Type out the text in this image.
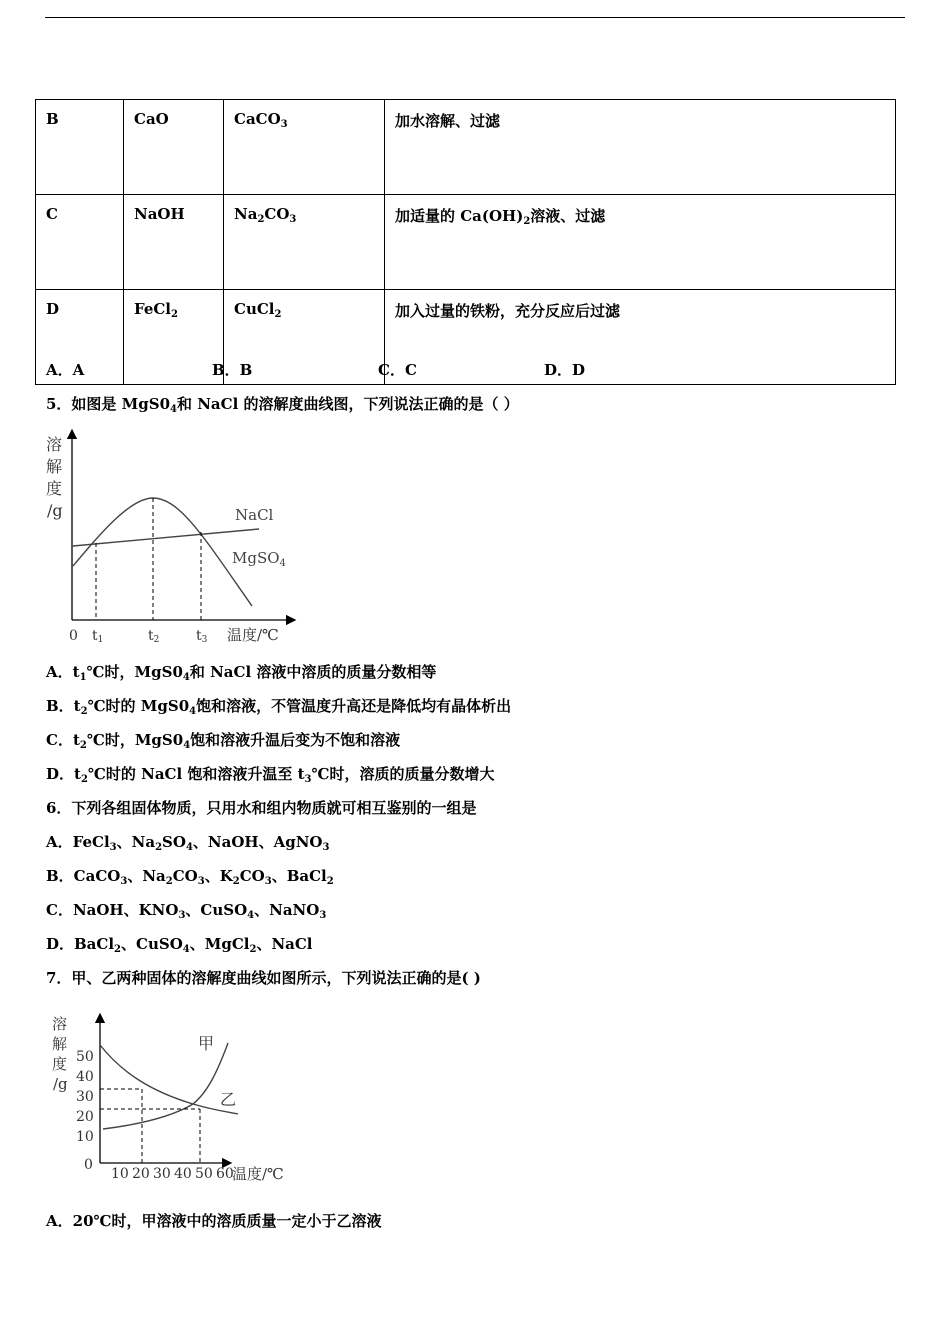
B	CaO	CaCO$_3$	加水溶解、过滤
C	NaOH	$Na_2CO_3$	加适量的 $Ca(OH)_2$溶液、过滤
D	FeCl$_2$	CuCl$_2$	加入过量的铁粉，充分反应后过滤
A．A	B．B	C．C	D．D
5．如图是 $MgS0_4$和 NaCl 的溶解度曲线图，下列说法正确的是（ ）
溶解度/g	NaCl
MgSO$_4$
0 t1	t2	t3 温度/℃
A．$t_1℃$时，$MgS0_4$和 NaCl 溶液中溶质的质量分数相等
B．$t_2℃$时的 $MgS0_4$饱和溶液，不管温度升高还是降低均有晶体析出
C．$t_2℃$时，$MgS0_4$饱和溶液升温后变为不饱和溶液
D．$t_2℃$时的 NaCl 饱和溶液升温至 $t_3℃$时，溶质的质量分数增大
6．下列各组固体物质，只用水和组内物质就可相互鉴别的一组是
A．FeCl$_3$、$Na_2SO_4$、NaOH、AgNO$_3$
B．CaCO$_3$、$Na_2CO_3$、$K_2CO_3$、BaCl$_2$
C．NaOH、$KNO_3$、CuSO$_4$、NaNO$_3$
D．BaCl$_2$、CuSO$_4$、MgCl$_2$、NaCl
7．甲、乙两种固体的溶解度曲线如图所示，下列说法正确的是( )
溶解度/g
10
20
30
40
50
10 20 30 40 50 60
0
甲
乙
温度/℃
A．20℃时，甲溶液中的溶质质量一定小于乙溶液
